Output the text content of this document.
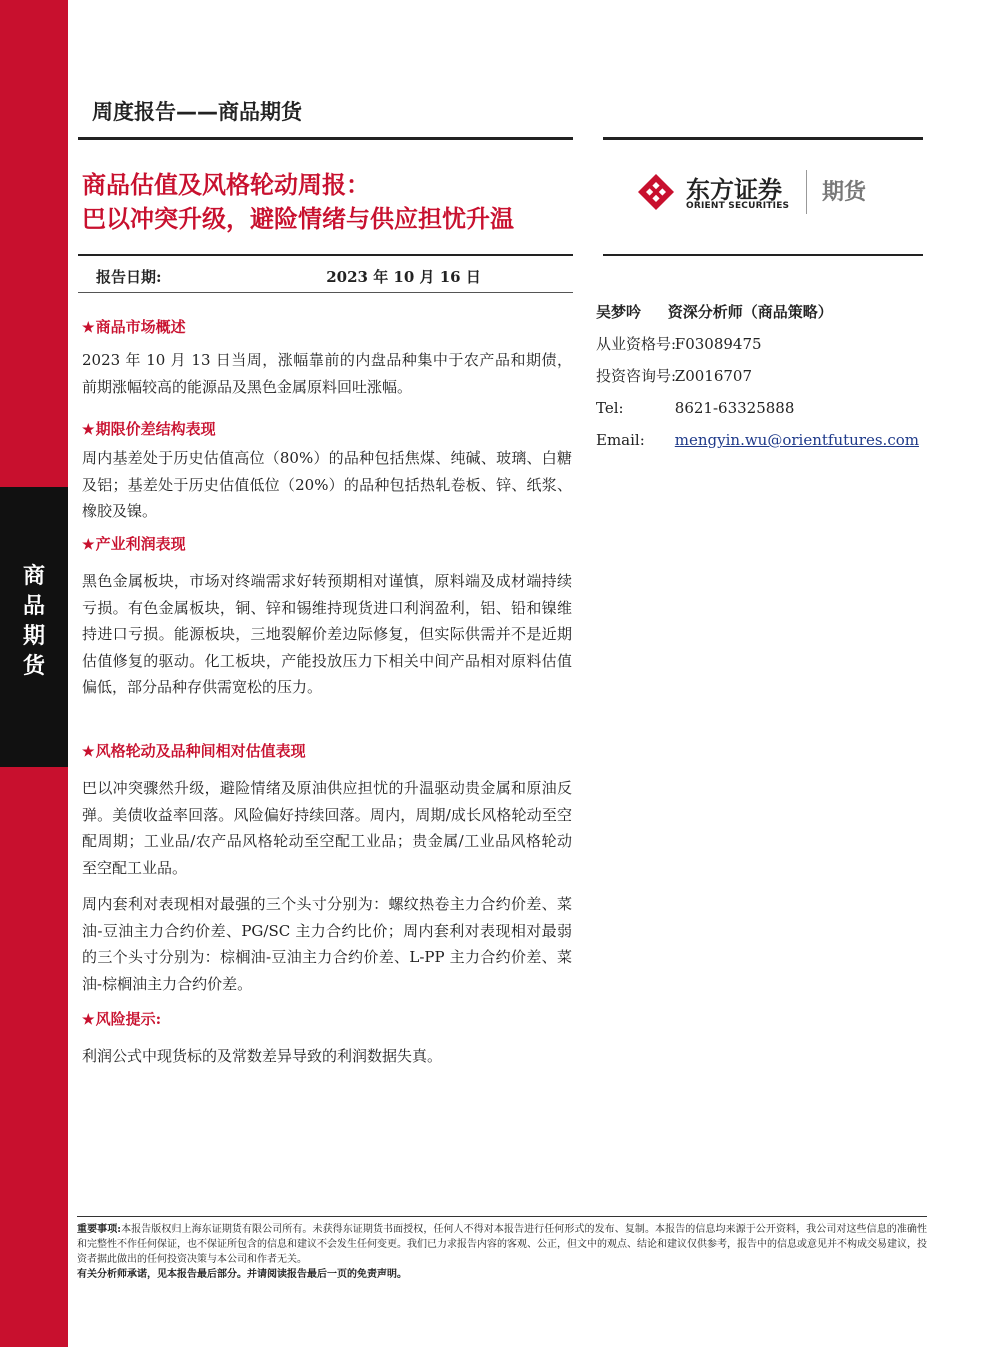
商
品
期
货
周度报告——商品期货
商品估值及风格轮动周报：
巴以冲突升级，避险情绪与供应担忧升温
东方证券
ORIENT SECURITIES
期货
报告日期:	2023 年 10 月 16 日
吴梦吟 资深分析师（商品策略）
从业资格号: F03089475
投资咨询号: Z0016707
Tel:	8621-63325888
Email: mengyin.wu@orientfutures.com
★商品市场概述

2023 年 10 月 13 日当周，涨幅靠前的内盘品种集中于农产品和期债，前期涨幅较高的能源品及黑色金属原料回吐涨幅。

★期限价差结构表现

周内基差处于历史估值高位（80%）的品种包括焦煤、纯碱、玻璃、白糖及铝；基差处于历史估值低位（20%）的品种包括热轧卷板、锌、纸浆、橡胶及镍。

★产业利润表现

黑色金属板块，市场对终端需求好转预期相对谨慎，原料端及成材端持续亏损。有色金属板块，铜、锌和锡维持现货进口利润盈利，铝、铅和镍维持进口亏损。能源板块，三地裂解价差边际修复，但实际供需并不是近期估值修复的驱动。化工板块，产能投放压力下相关中间产品相对原料估值偏低，部分品种存供需宽松的压力。

★风格轮动及品种间相对估值表现

巴以冲突骤然升级，避险情绪及原油供应担忧的升温驱动贵金属和原油反弹。美债收益率回落。风险偏好持续回落。周内，周期/成长风格轮动至空配周期；工业品/农产品风格轮动至空配工业品；贵金属/工业品风格轮动至空配工业品。

周内套利对表现相对最强的三个头寸分别为：螺纹热卷主力合约价差、菜油-豆油主力合约价差、PG/SC 主力合约比价；周内套利对表现相对最弱的三个头寸分别为：棕榈油-豆油主力合约价差、L-PP 主力合约价差、菜油-棕榈油主力合约价差。

★风险提示:

利润公式中现货标的及常数差异导致的利润数据失真。

重要事项:本报告版权归上海东证期货有限公司所有。未获得东证期货书面授权，任何人不得对本报告进行任何形式的发布、复制。本报告的信息均来源于公开资料，我公司对这些信息的准确性和完整性不作任何保证，也不保证所包含的信息和建议不会发生任何变更。我们已力求报告内容的客观、公正，但文中的观点、结论和建议仅供参考，报告中的信息或意见并不构成交易建议，投资者据此做出的任何投资决策与本公司和作者无关。
有关分析师承诺，见本报告最后部分。并请阅读报告最后一页的免责声明。
